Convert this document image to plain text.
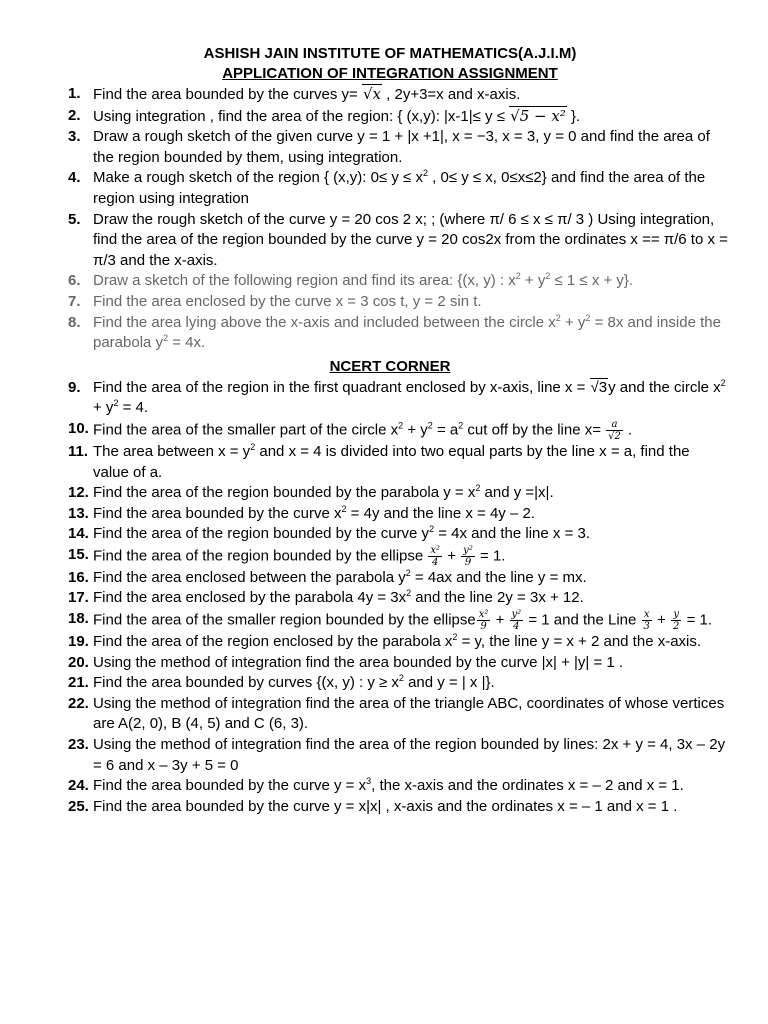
ASHISH JAIN INSTITUTE OF MATHEMATICS(A.J.I.M)
APPLICATION OF INTEGRATION ASSIGNMENT
1. Find the area bounded by the curves y= √x , 2y+3=x and x-axis.
2. Using integration , find the area of the region: { (x,y): |x-1|≤ y ≤ √5 − x² }.
3. Draw a rough sketch of the given curve y = 1 + |x +1|, x = −3, x = 3, y = 0 and find the area of the region bounded by them, using integration.
4. Make a rough sketch of the region { (x,y): $0\le y \le x^2$ , 0≤ y ≤ x, 0≤x≤2} and find the area of the region using integration
5. Draw the rough sketch of the curve y = 20 cos 2 x; ; (where π/ 6 ≤ x ≤ π/ 3 ) Using integration, find the area of the region bounded by the curve y = 20 cos2x from the ordinates x == π/6 to x = π/3 and the x-axis.
6. Draw a sketch of the following region and find its area: {(x, y) : $x^2 + y^2 \le 1 \le x + y$}.
7. Find the area enclosed by the curve x = 3 cos t, y = 2 sin t.
8. Find the area lying above the x-axis and included between the circle $x^2 + y^2 = 8x$ and inside the parabola $y^2 = 4x$.
NCERT CORNER
9. Find the area of the region in the first quadrant enclosed by x-axis, line x = √3y and the circle $x^2 + y^2 = 4$.
10. Find the area of the smaller part of the circle $x^2 + y^2 = a^2$ cut off by the line $x= \frac{a}{√2}$ .
11. The area between $x = y^2$ and x = 4 is divided into two equal parts by the line x = a, find the value of a.
12. Find the area of the region bounded by the parabola $y = x^2$ and y =|x|.
13. Find the area bounded by the curve $x^2 = 4y$ and the line x = 4y – 2.
14. Find the area of the region bounded by the curve $y^2 = 4x$ and the line x = 3.
15. Find the area of the region bounded by the ellipse $\frac{\text{x²}}{4} + \frac{\text{y²}}{9} = 1$.
16. Find the area enclosed between the parabola $y^2 = 4ax$ and the line y = mx.
17. Find the area enclosed by the parabola $4y = 3x^2$ and the line 2y = 3x + 12.
18. Find the area of the smaller region bounded by the ellipse $\frac{\text{x²}}{9} + \frac{\text{y²}}{4} = 1$ and the Line $\frac{x}{3} + \frac{y}{2} = 1$.
19. Find the area of the region enclosed by the parabola $x^2 = y$, the line y = x + 2 and the x-axis.
20. Using the method of integration find the area bounded by the curve |x| + |y| = 1 .
21. Find the area bounded by curves {(x, y) : $y \ge x^2$ and y = | x |}.
22. Using the method of integration find the area of the triangle ABC, coordinates of whose vertices are A(2, 0), B (4, 5) and C (6, 3).
23. Using the method of integration find the area of the region bounded by lines: 2x + y = 4, 3x – 2y = 6 and x – 3y + 5 = 0
24. Find the area bounded by the curve $y = x^3$, the x-axis and the ordinates x = – 2 and x = 1.
25. Find the area bounded by the curve y = x|x| , x-axis and the ordinates x = – 1 and x = 1 .
